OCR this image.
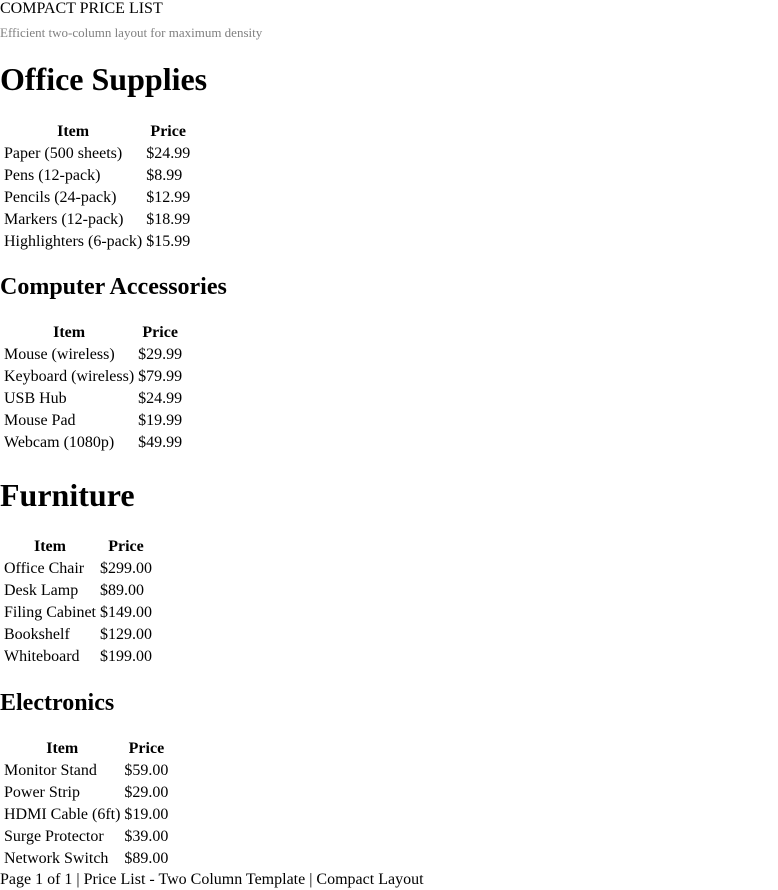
COMPACT PRICE LIST
Efficient two-column layout for maximum density
Office Supplies
Item	Price
Paper (500 sheets)	$24.99
Pens (12-pack)	$8.99
Pencils (24-pack)	$12.99
Markers (12-pack)	$18.99
Highlighters (6-pack)	$15.99
Computer Accessories
Item	Price
Mouse (wireless)	$29.99
Keyboard (wireless)	$79.99
USB Hub	$24.99
Mouse Pad	$19.99
Webcam (1080p)	$49.99
Furniture
Item	Price
Office Chair	$299.00
Desk Lamp	$89.00
Filing Cabinet	$149.00
Bookshelf	$129.00
Whiteboard	$199.00
Electronics
Item	Price
Monitor Stand	$59.00
Power Strip	$29.00
HDMI Cable (6ft)	$19.00
Surge Protector	$39.00
Network Switch	$89.00
Page 1 of 1 | Price List - Two Column Template | Compact Layout
